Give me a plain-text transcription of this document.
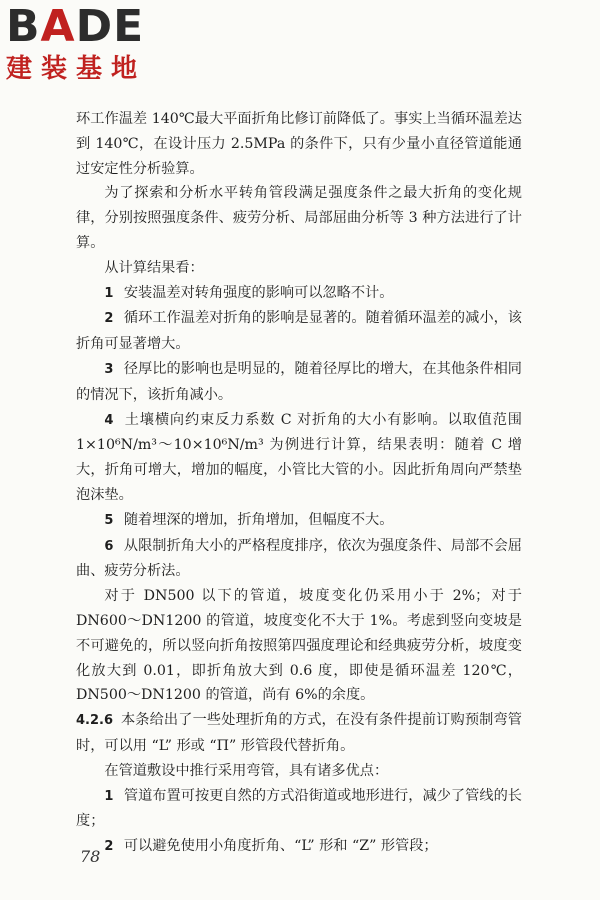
BADE
建装基地

环工作温差 140℃最大平面折角比修订前降低了。事实上当循环温差达到 140℃，在设计压力 2.5MPa 的条件下，只有少量小直径管道能通过安定性分析验算。

为了探索和分析水平转角管段满足强度条件之最大折角的变化规律，分别按照强度条件、疲劳分析、局部屈曲分析等 3 种方法进行了计算。

从计算结果看：

1 安装温差对转角强度的影响可以忽略不计。

2 循环工作温差对折角的影响是显著的。随着循环温差的减小，该折角可显著增大。

3 径厚比的影响也是明显的，随着径厚比的增大，在其他条件相同的情况下，该折角减小。

4 土壤横向约束反力系数 C 对折角的大小有影响。以取值范围 1×10⁶N/m³～10×10⁶N/m³ 为例进行计算，结果表明：随着 C 增大，折角可增大，增加的幅度，小管比大管的小。因此折角周向严禁垫泡沫垫。

5 随着埋深的增加，折角增加，但幅度不大。

6 从限制折角大小的严格程度排序，依次为强度条件、局部不会屈曲、疲劳分析法。

对于 DN500 以下的管道，坡度变化仍采用小于 2%；对于 DN600～DN1200 的管道，坡度变化不大于 1%。考虑到竖向变坡是不可避免的，所以竖向折角按照第四强度理论和经典疲劳分析，坡度变化放大到 0.01，即折角放大到 0.6 度，即使是循环温差 120℃，DN500～DN1200 的管道，尚有 6%的余度。

4.2.6 本条给出了一些处理折角的方式，在没有条件提前订购预制弯管时，可以用 “L” 形或 “Π” 形管段代替折角。

在管道敷设中推行采用弯管，具有诸多优点：

1 管道布置可按更自然的方式沿街道或地形进行，减少了管线的长度；

2 可以避免使用小角度折角、“L” 形和 “Z” 形管段；

78
